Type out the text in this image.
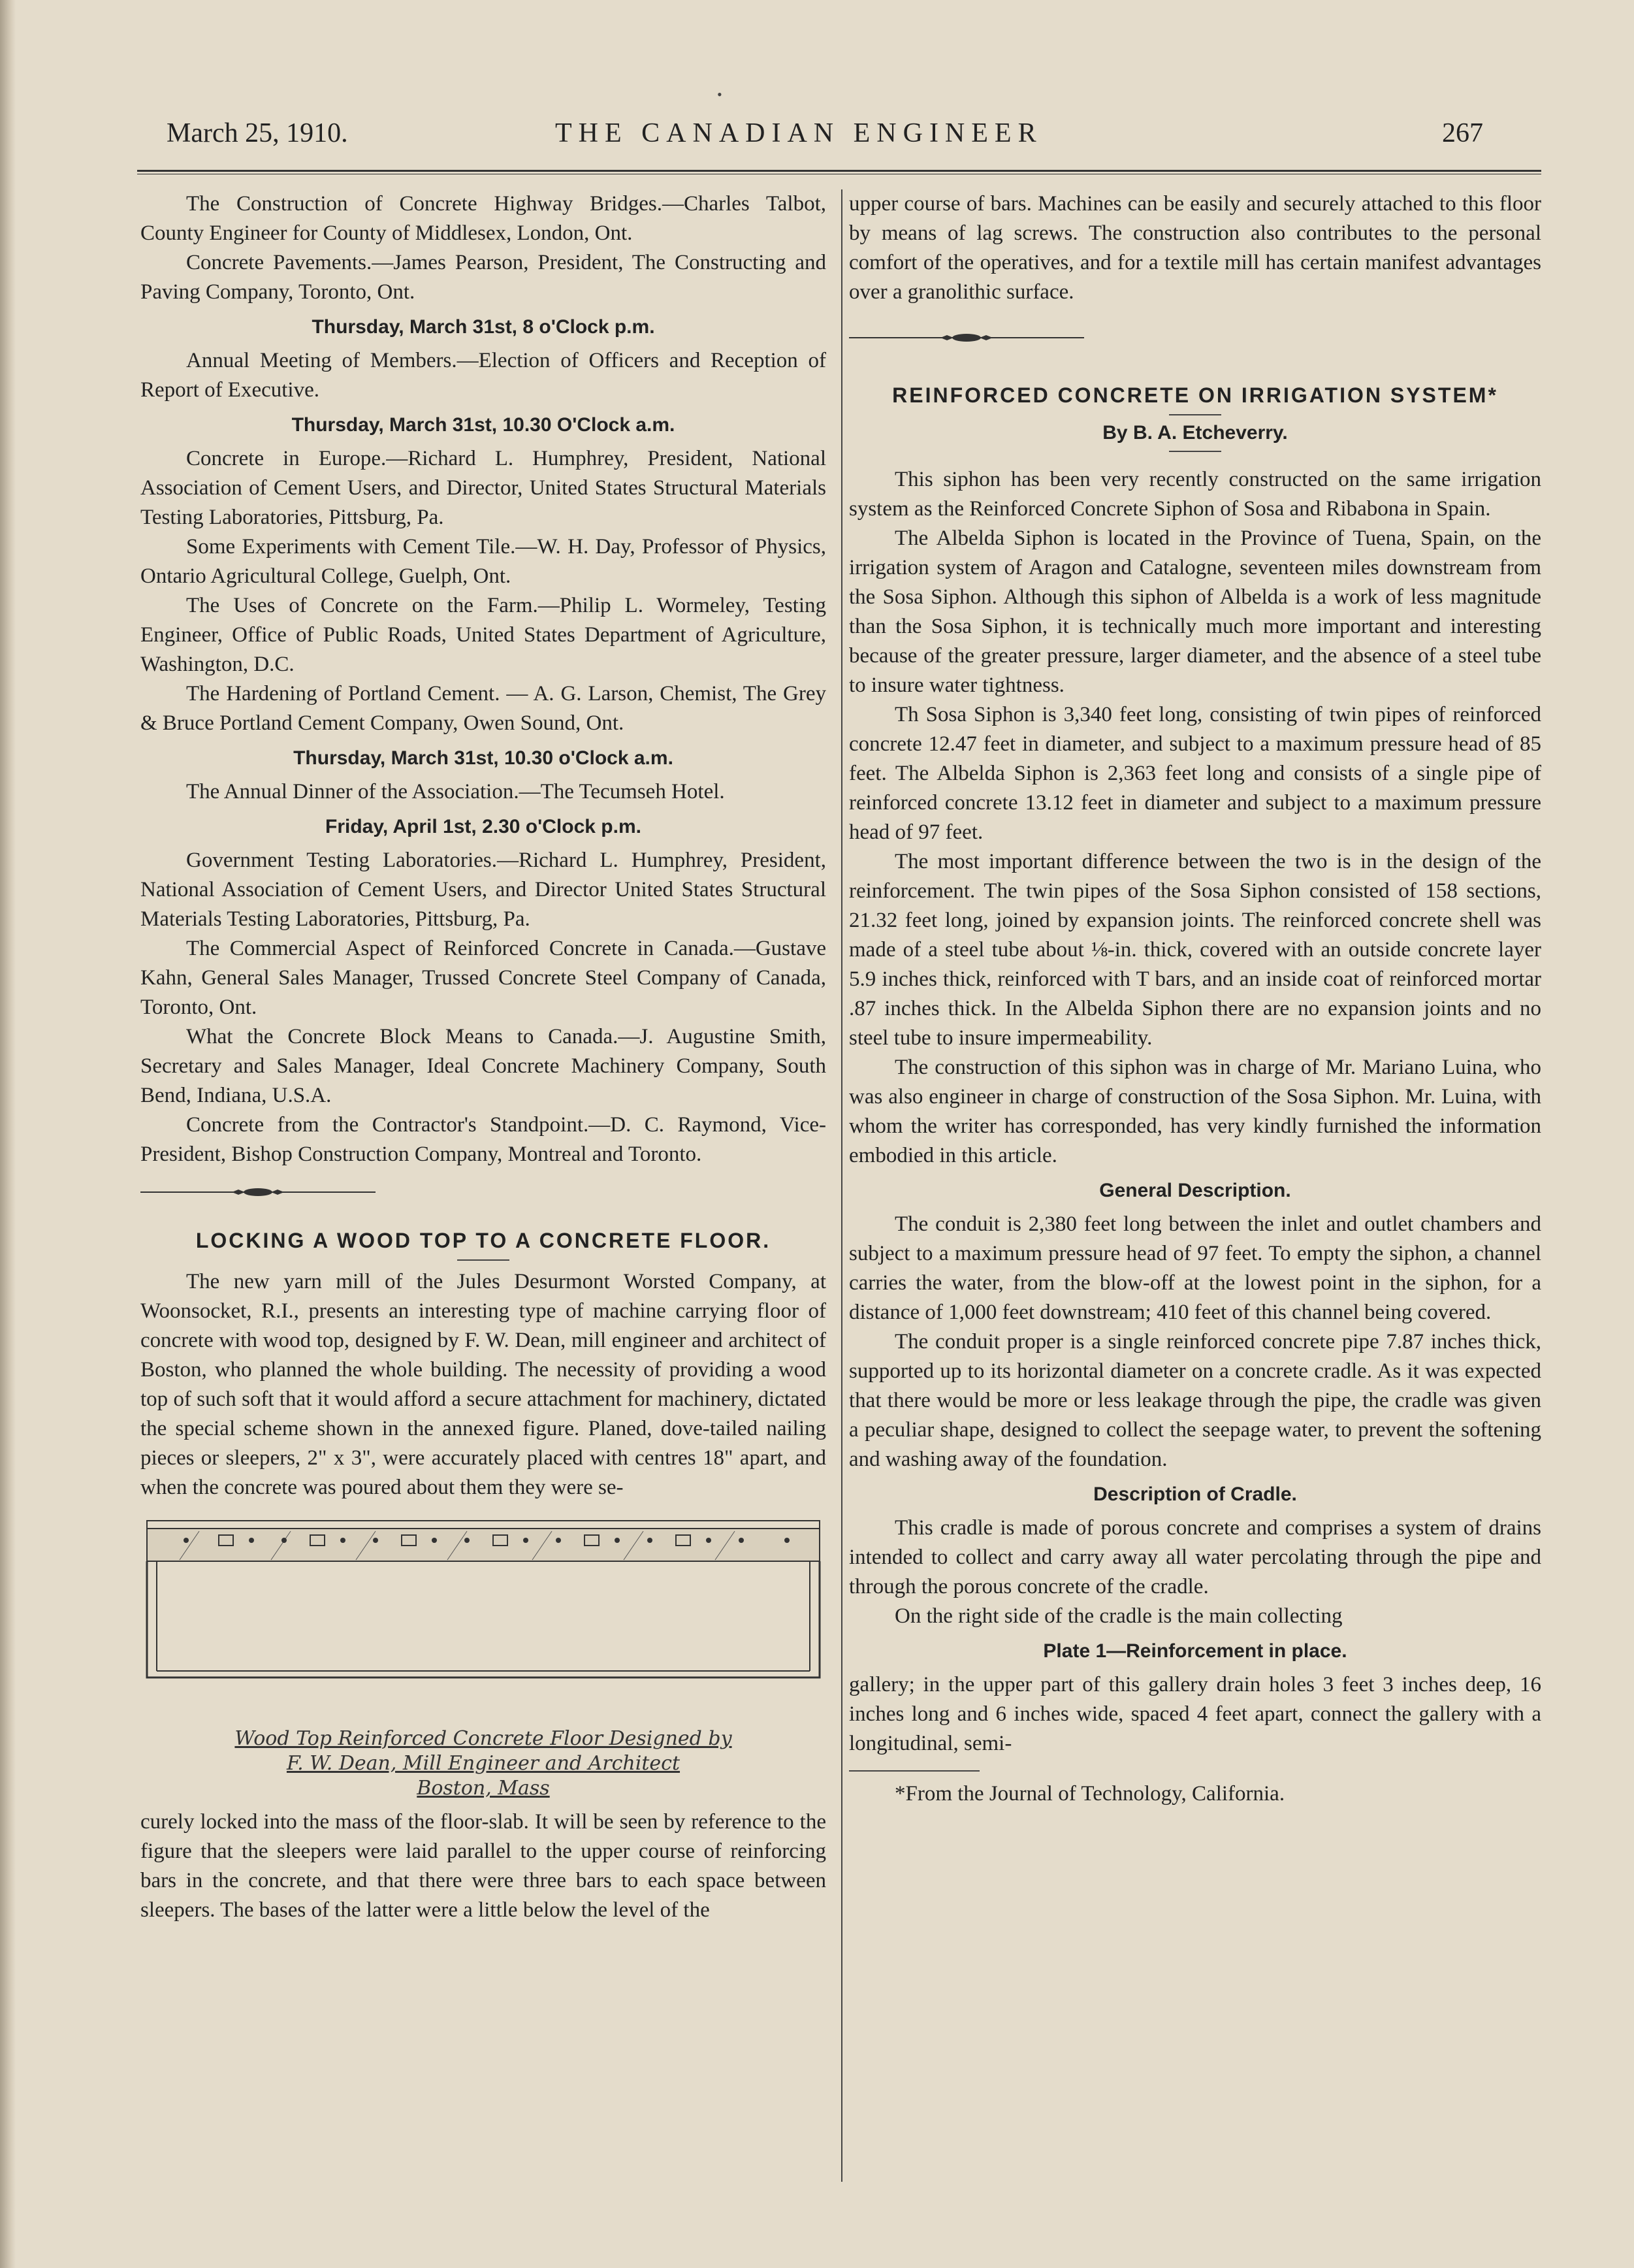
•
March 25, 1910.	THE CANADIAN ENGINEER	267

The Construction of Concrete Highway Bridges.—Charles Talbot, County Engineer for County of Middlesex, London, Ont.

Concrete Pavements.—James Pearson, President, The Constructing and Paving Company, Toronto, Ont.

Thursday, March 31st, 8 o'Clock p.m.

Annual Meeting of Members.—Election of Officers and Reception of Report of Executive.

Thursday, March 31st, 10.30 O'Clock a.m.

Concrete in Europe.—Richard L. Humphrey, President, National Association of Cement Users, and Director, United States Structural Materials Testing Laboratories, Pittsburg, Pa.

Some Experiments with Cement Tile.—W. H. Day, Professor of Physics, Ontario Agricultural College, Guelph, Ont.

The Uses of Concrete on the Farm.—Philip L. Wormeley, Testing Engineer, Office of Public Roads, United States Department of Agriculture, Washington, D.C.

The Hardening of Portland Cement. — A. G. Larson, Chemist, The Grey & Bruce Portland Cement Company, Owen Sound, Ont.

Thursday, March 31st, 10.30 o'Clock a.m.

The Annual Dinner of the Association.—The Tecumseh Hotel.

Friday, April 1st, 2.30 o'Clock p.m.

Government Testing Laboratories.—Richard L. Humphrey, President, National Association of Cement Users, and Director United States Structural Materials Testing Laboratories, Pittsburg, Pa.

The Commercial Aspect of Reinforced Concrete in Canada.—Gustave Kahn, General Sales Manager, Trussed Concrete Steel Company of Canada, Toronto, Ont.

What the Concrete Block Means to Canada.—J. Augustine Smith, Secretary and Sales Manager, Ideal Concrete Machinery Company, South Bend, Indiana, U.S.A.

Concrete from the Contractor's Standpoint.—D. C. Raymond, Vice-President, Bishop Construction Company, Montreal and Toronto.

LOCKING A WOOD TOP TO A CONCRETE FLOOR.

The new yarn mill of the Jules Desurmont Worsted Company, at Woonsocket, R.I., presents an interesting type of machine carrying floor of concrete with wood top, designed by F. W. Dean, mill engineer and architect of Boston, who planned the whole building. The necessity of providing a wood top of such soft that it would afford a secure attachment for machinery, dictated the special scheme shown in the annexed figure. Planed, dove-tailed nailing pieces or sleepers, 2" x 3", were accurately placed with centres 18" apart, and when the concrete was poured about them they were se-

Wood Top Reinforced Concrete Floor Designed by
F. W. Dean, Mill Engineer and Architect
Boston, Mass

curely locked into the mass of the floor-slab. It will be seen by reference to the figure that the sleepers were laid parallel to the upper course of reinforcing bars in the concrete, and that there were three bars to each space between sleepers. The bases of the latter were a little below the level of the

upper course of bars. Machines can be easily and securely attached to this floor by means of lag screws. The construction also contributes to the personal comfort of the operatives, and for a textile mill has certain manifest advantages over a granolithic surface.

REINFORCED CONCRETE ON IRRIGATION SYSTEM*
By B. A. Etcheverry.

This siphon has been very recently constructed on the same irrigation system as the Reinforced Concrete Siphon of Sosa and Ribabona in Spain.

The Albelda Siphon is located in the Province of Tuena, Spain, on the irrigation system of Aragon and Catalogne, seventeen miles downstream from the Sosa Siphon. Although this siphon of Albelda is a work of less magnitude than the Sosa Siphon, it is technically much more important and interesting because of the greater pressure, larger diameter, and the absence of a steel tube to insure water tightness.

Th Sosa Siphon is 3,340 feet long, consisting of twin pipes of reinforced concrete 12.47 feet in diameter, and subject to a maximum pressure head of 85 feet. The Albelda Siphon is 2,363 feet long and consists of a single pipe of reinforced concrete 13.12 feet in diameter and subject to a maximum pressure head of 97 feet.

The most important difference between the two is in the design of the reinforcement. The twin pipes of the Sosa Siphon consisted of 158 sections, 21.32 feet long, joined by expansion joints. The reinforced concrete shell was made of a steel tube about ⅛-in. thick, covered with an outside concrete layer 5.9 inches thick, reinforced with T bars, and an inside coat of reinforced mortar .87 inches thick. In the Albelda Siphon there are no expansion joints and no steel tube to insure impermeability.

The construction of this siphon was in charge of Mr. Mariano Luina, who was also engineer in charge of construction of the Sosa Siphon. Mr. Luina, with whom the writer has corresponded, has very kindly furnished the information embodied in this article.

General Description.

The conduit is 2,380 feet long between the inlet and outlet chambers and subject to a maximum pressure head of 97 feet. To empty the siphon, a channel carries the water, from the blow-off at the lowest point in the siphon, for a distance of 1,000 feet downstream; 410 feet of this channel being covered.

The conduit proper is a single reinforced concrete pipe 7.87 inches thick, supported up to its horizontal diameter on a concrete cradle. As it was expected that there would be more or less leakage through the pipe, the cradle was given a peculiar shape, designed to collect the seepage water, to prevent the softening and washing away of the foundation.

Description of Cradle.

This cradle is made of porous concrete and comprises a system of drains intended to collect and carry away all water percolating through the pipe and through the porous concrete of the cradle.

On the right side of the cradle is the main collecting

Plate 1—Reinforcement in place.

gallery; in the upper part of this gallery drain holes 3 feet 3 inches deep, 16 inches long and 6 inches wide, spaced 4 feet apart, connect the gallery with a longitudinal, semi-

*From the Journal of Technology, California.
